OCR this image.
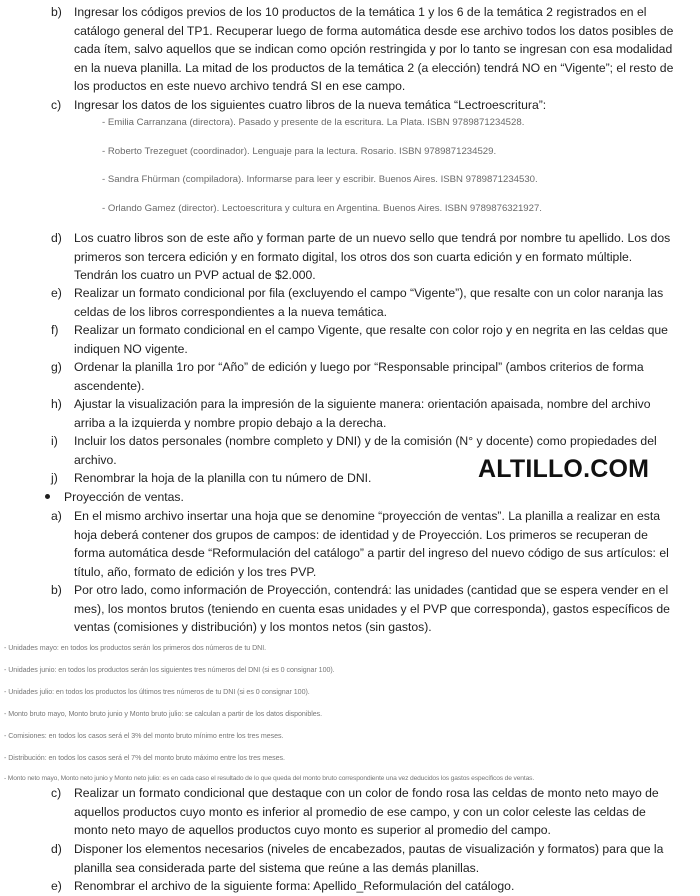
b) Ingresar los códigos previos de los 10 productos de la temática 1 y los 6 de la temática 2 registrados en el catálogo general del TP1. Recuperar luego de forma automática desde ese archivo todos los datos posibles de cada ítem, salvo aquellos que se indican como opción restringida y por lo tanto se ingresan con esa modalidad en la nueva planilla. La mitad de los productos de la temática 2 (a elección) tendrá NO en “Vigente”; el resto de los productos en este nuevo archivo tendrá SI en ese campo.
c) Ingresar los datos de los siguientes cuatro libros de la nueva temática “Lectroescritura”:
- Emilia Carranzana (directora). Pasado y presente de la escritura. La Plata. ISBN 9789871234528.
- Roberto Trezeguet (coordinador). Lenguaje para la lectura. Rosario. ISBN 9789871234529.
- Sandra Fhürman (compiladora). Informarse para leer y escribir. Buenos Aires. ISBN 9789871234530.
- Orlando Gamez (director). Lectoescritura y cultura en Argentina. Buenos Aires. ISBN 9789876321927.
d) Los cuatro libros son de este año y forman parte de un nuevo sello que tendrá por nombre tu apellido. Los dos primeros son tercera edición y en formato digital, los otros dos son cuarta edición y en formato múltiple. Tendrán los cuatro un PVP actual de $2.000.
e) Realizar un formato condicional por fila (excluyendo el campo “Vigente”), que resalte con un color naranja las celdas de los libros correspondientes a la nueva temática.
f) Realizar un formato condicional en el campo Vigente, que resalte con color rojo y en negrita en las celdas que indiquen NO vigente.
g) Ordenar la planilla 1ro por “Año” de edición y luego por “Responsable principal” (ambos criterios de forma ascendente).
h) Ajustar la visualización para la impresión de la siguiente manera: orientación apaisada, nombre del archivo arriba a la izquierda y nombre propio debajo a la derecha.
i) Incluir los datos personales (nombre completo y DNI) y de la comisión (N° y docente) como propiedades del archivo.
j) Renombrar la hoja de la planilla con tu número de DNI.	ALTILLO.COM
Proyección de ventas.
a) En el mismo archivo insertar una hoja que se denomine “proyección de ventas”. La planilla a realizar en esta hoja deberá contener dos grupos de campos: de identidad y de Proyección. Los primeros se recuperan de forma automática desde “Reformulación del catálogo” a partir del ingreso del nuevo código de sus artículos: el título, año, formato de edición y los tres PVP.
b) Por otro lado, como información de Proyección, contendrá: las unidades (cantidad que se espera vender en el mes), los montos brutos (teniendo en cuenta esas unidades y el PVP que corresponda), gastos específicos de ventas (comisiones y distribución) y los montos netos (sin gastos).
- Unidades mayo: en todos los productos serán los primeros dos números de tu DNI.
- Unidades junio: en todos los productos serán los siguientes tres números del DNI (si es 0 consignar 100).
- Unidades julio: en todos los productos los últimos tres números de tu DNI (si es 0 consignar 100).
- Monto bruto mayo, Monto bruto junio y Monto bruto julio: se calculan a partir de los datos disponibles.
- Comisiones: en todos los casos será el 3% del monto bruto mínimo entre los tres meses.
- Distribución: en todos los casos será el 7% del monto bruto máximo entre los tres meses.
- Monto neto mayo, Monto neto junio y Monto neto julio: es en cada caso el resultado de lo que queda del monto bruto correspondiente una vez deducidos los gastos específicos de ventas.
c) Realizar un formato condicional que destaque con un color de fondo rosa las celdas de monto neto mayo de aquellos productos cuyo monto es inferior al promedio de ese campo, y con un color celeste las celdas de monto neto mayo de aquellos productos cuyo monto es superior al promedio del campo.
d) Disponer los elementos necesarios (niveles de encabezados, pautas de visualización y formatos) para que la planilla sea considerada parte del sistema que reúne a las demás planillas.
e) Renombrar el archivo de la siguiente forma: Apellido_Reformulación del catálogo.
